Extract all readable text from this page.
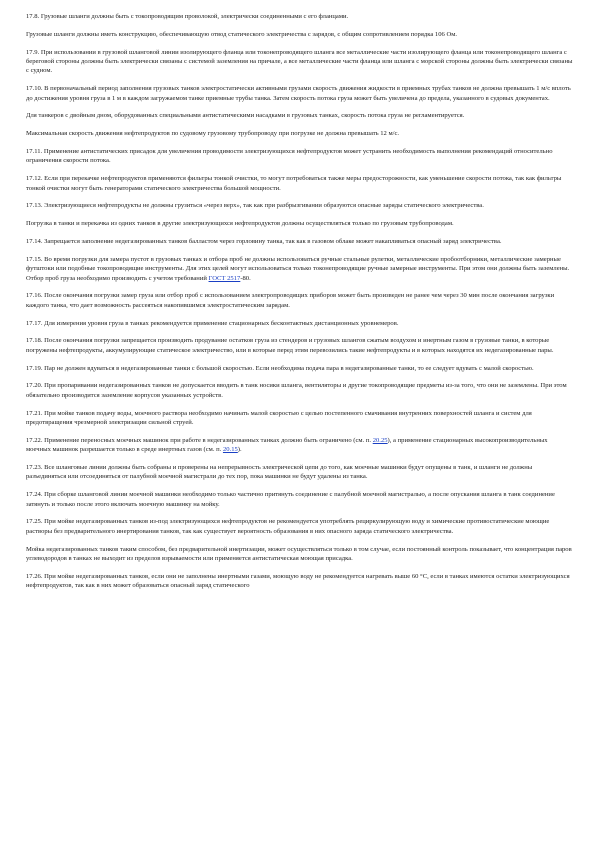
17.8. Грузовые шланги должны быть с токопроводящим проволокой, электрически соединенными с его фланцами.

Грузовые шланги должны иметь конструкцию, обеспечивающую отвод статического электричества с зарядов, с общим сопротивлением порядка 106 Ом.

17.9. При использовании в грузовой шланговой линии изолирующего фланца или токонепроводящего шланга все металлические части изолирующего фланца или токонепроводящего шланга с береговой стороны должны быть электрически связаны с системой заземления на причале, а все металлические части фланца или шланга с морской стороны должны быть электрически связаны с судном.

17.10. В первоначальный период заполнения грузовых танков электростатически активными грузами скорость движения жидкости в приемных трубах танков не должна превышать 1 м/с вплоть до достижения уровня груза в 1 м в каждом загружаемом танке приемные трубы танка. Затем скорость потока груза может быть увеличена до предела, указанного в судовых документах.

Для танкеров с двойным дном, оборудованных специальными антистатическими насадками в грузовых танках, скорость потока груза не регламентируется.

Максимальная скорость движения нефтепродуктов по судовому грузовому трубопроводу при погрузке не должна превышать 12 м/с.

17.11. Применение антистатических присадок для увеличения проводимости электризующихся нефтепродуктов может устранить необходимость выполнения рекомендаций относительно ограничения скорости потока.

17.12. Если при перекачке нефтепродуктов применяются фильтры тонкой очистки, то могут потребоваться также меры предосторожности, как уменьшение скорости потока, так как фильтры тонкой очистки могут быть генераторами статического электричества большой мощности.

17.13. Электризующиеся нефтепродукты не должны грузиться «через верх», так как при разбрызгивании образуются опасные заряды статического электричества.

Погрузка в танки и перекачка из одних танков в другие электризующихся нефтепродуктов должны осуществляться только по грузовым трубопроводам.

17.14. Запрещается заполнение недегазированных танков балластом через горловину танка, так как в газовом облаке может накапливаться опасный заряд электричества.

17.15. Во время погрузки для замера пустот в грузовых танках и отбора проб не должны использоваться ручные стальные рулетки, металлические пробоотборники, металлические замерные футштоки или подобные токопроводящие инструменты. Для этих целей могут использоваться только токонепроводящие ручные замерные инструменты. При этом они должны быть заземлены. Отбор проб груза необходимо производить с учетом требований ГОСТ 2517-80.

17.16. После окончания погрузки замер груза или отбор проб с использованием электропроводящих приборов может быть произведен не ранее чем через 30 мин после окончания загрузки каждого танка, что дает возможность рассеяться накопившимся электростатическим зарядам.

17.17. Для измерения уровня груза в танках рекомендуется применение стационарных бесконтактных дистанционных уровнемеров.

17.18. После окончания погрузки запрещается производить продувание остатков груза из стендеров и грузовых шлангов сжатым воздухом и инертным газом в грузовые танки, в которые погружены нефтепродукты, аккумулирующие статическое электричество, или в которые перед этим перевозились такие нефтепродукты и в которых находятся их недегазированные пары.

17.19. Пар не должен вдуваться в недегазированные танки с большой скоростью. Если необходима подача пара в недегазированные танки, то ее следует вдувать с малой скоростью.

17.20. При пропаривании недегазированных танков не допускается вводить в танк носики шланга, вентиляторы и другие токопроводящие предметы из-за того, что они не заземлены. При этом обязательно производится заземление корпусов указанных устройств.

17.21. При мойке танков подачу воды, моечного раствора необходимо начинать малой скоростью с целью постепенного смачивания внутренних поверхностей шланга и систем для предотвращения чрезмерной электризации сильной струей.

17.22. Применение переносных моечных машинок при работе в недегазированных танках должно быть ограничено (см. п. 20.25), а применение стационарных высокопроизводительных моечных машинок разрешается только в среде инертных газов (см. п. 20.15).

17.23. Все шланговые линии должны быть собраны и проверены на непрерывность электрической цепи до того, как моечные машинки будут опущены в танк, и шланги не должны разъединяться или отсоединяться от палубной моечной магистрали до тех пор, пока машинки не будут удалены из танка.

17.24. При сборке шланговой линии моечной машинки необходимо только частично притянуть соединение с палубной моечной магистралью, а после опускания шланга в танк соединение затянуть и только после этого включать моечную машинку на мойку.

17.25. При мойке недегазированных танков из-под электризующихся нефтепродуктов не рекомендуется употреблять рециркулирующую воду и химические противостатические моющие растворы без предварительного инертирования танков, так как существует вероятность образования в них опасного заряда статического электричества.

Мойка недегазированных танков таким способом, без предварительной инертизации, может осуществляться только в том случае, если постоянный контроль показывает, что концентрация паров углеводородов в танках не выходит из пределов взрываемости или применяется антистатическая моющая присадка.

17.26. При мойке недегазированных танков, если они не заполнены инертными газами, моющую воду не рекомендуется нагревать выше 60 °С, если в танках имеются остатки электризующихся нефтепродуктов, так как в них может образоваться опасный заряд статического
